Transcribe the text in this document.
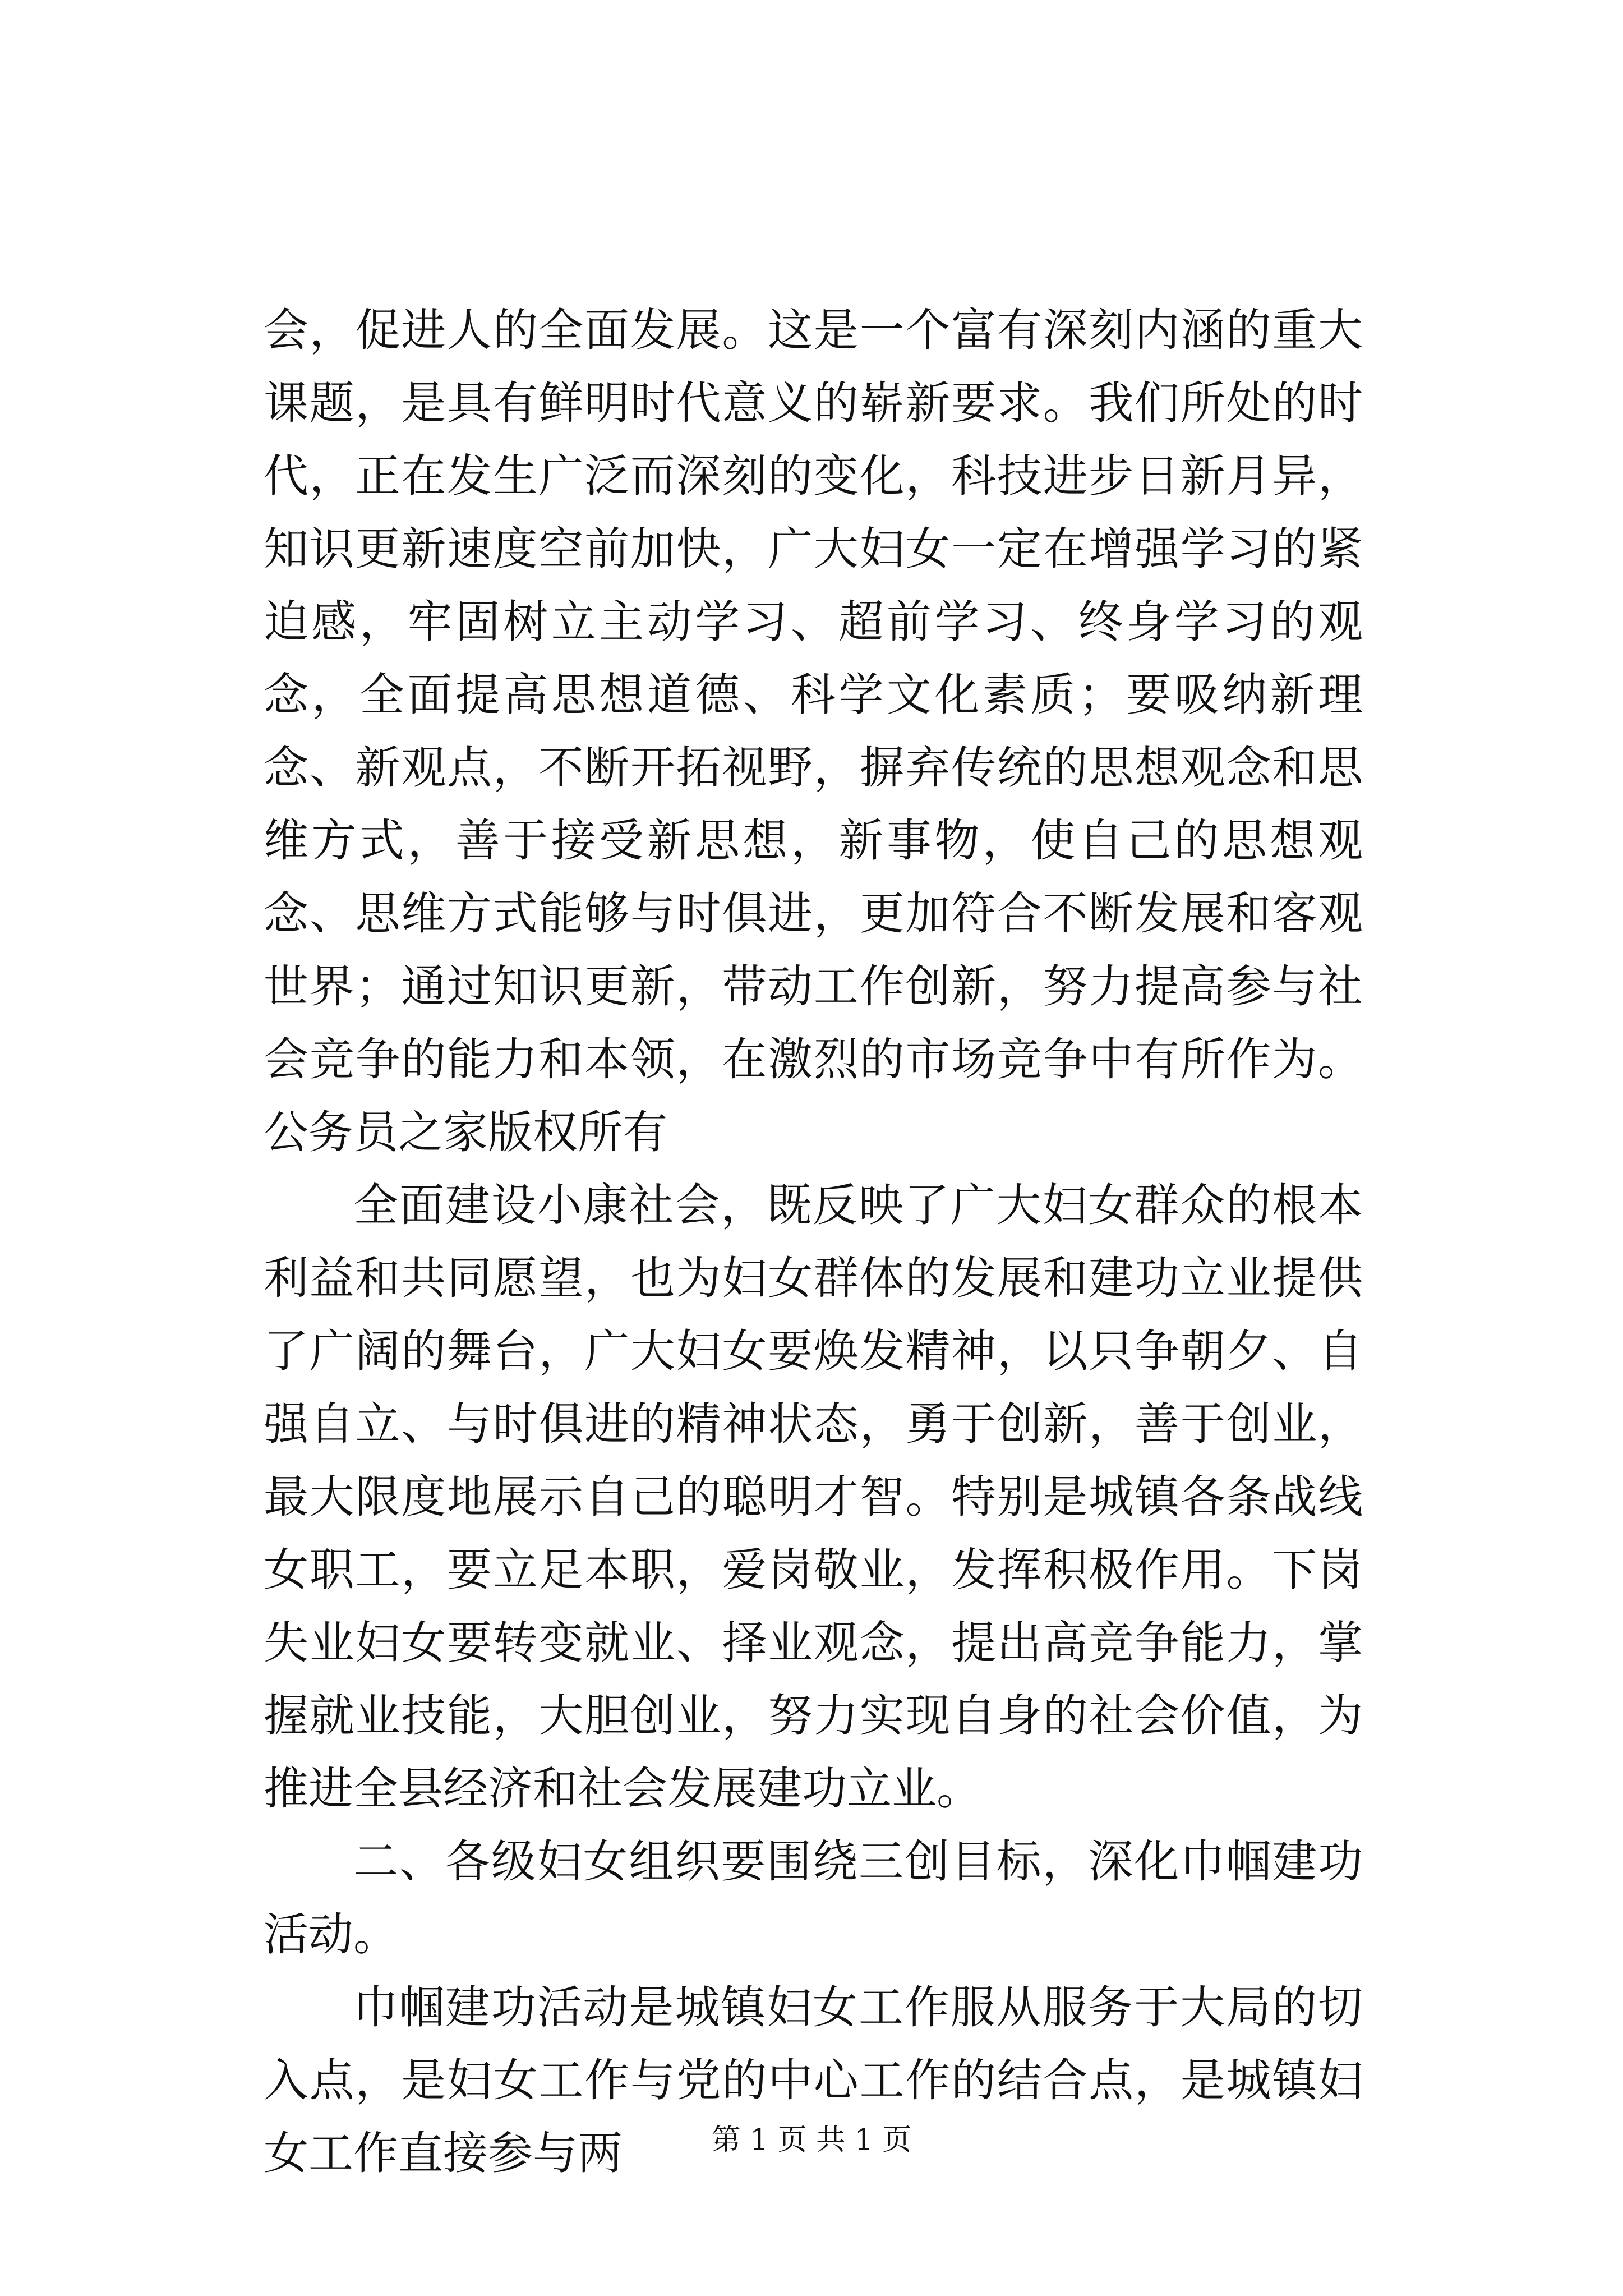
会，促进人的全面发展。这是一个富有深刻内涵的重大课题，是具有鲜明时代意义的崭新要求。我们所处的时代，正在发生广泛而深刻的变化，科技进步日新月异，知识更新速度空前加快，广大妇女一定在增强学习的紧迫感，牢固树立主动学习、超前学习、终身学习的观念，全面提高思想道德、科学文化素质；要吸纳新理念、新观点，不断开拓视野，摒弃传统的思想观念和思维方式，善于接受新思想，新事物，使自己的思想观念、思维方式能够与时俱进，更加符合不断发展和客观世界；通过知识更新，带动工作创新，努力提高参与社会竞争的能力和本领，在激烈的市场竞争中有所作为。公务员之家版权所有

全面建设小康社会，既反映了广大妇女群众的根本利益和共同愿望，也为妇女群体的发展和建功立业提供了广阔的舞台，广大妇女要焕发精神，以只争朝夕、自强自立、与时俱进的精神状态，勇于创新，善于创业，最大限度地展示自己的聪明才智。特别是城镇各条战线女职工，要立足本职，爱岗敬业，发挥积极作用。下岗失业妇女要转变就业、择业观念，提出高竞争能力，掌握就业技能，大胆创业，努力实现自身的社会价值，为推进全县经济和社会发展建功立业。

二、各级妇女组织要围绕三创目标，深化巾帼建功活动。

巾帼建功活动是城镇妇女工作服从服务于大局的切入点，是妇女工作与党的中心工作的结合点，是城镇妇女工作直接参与两	第 1 页 共 1 页
